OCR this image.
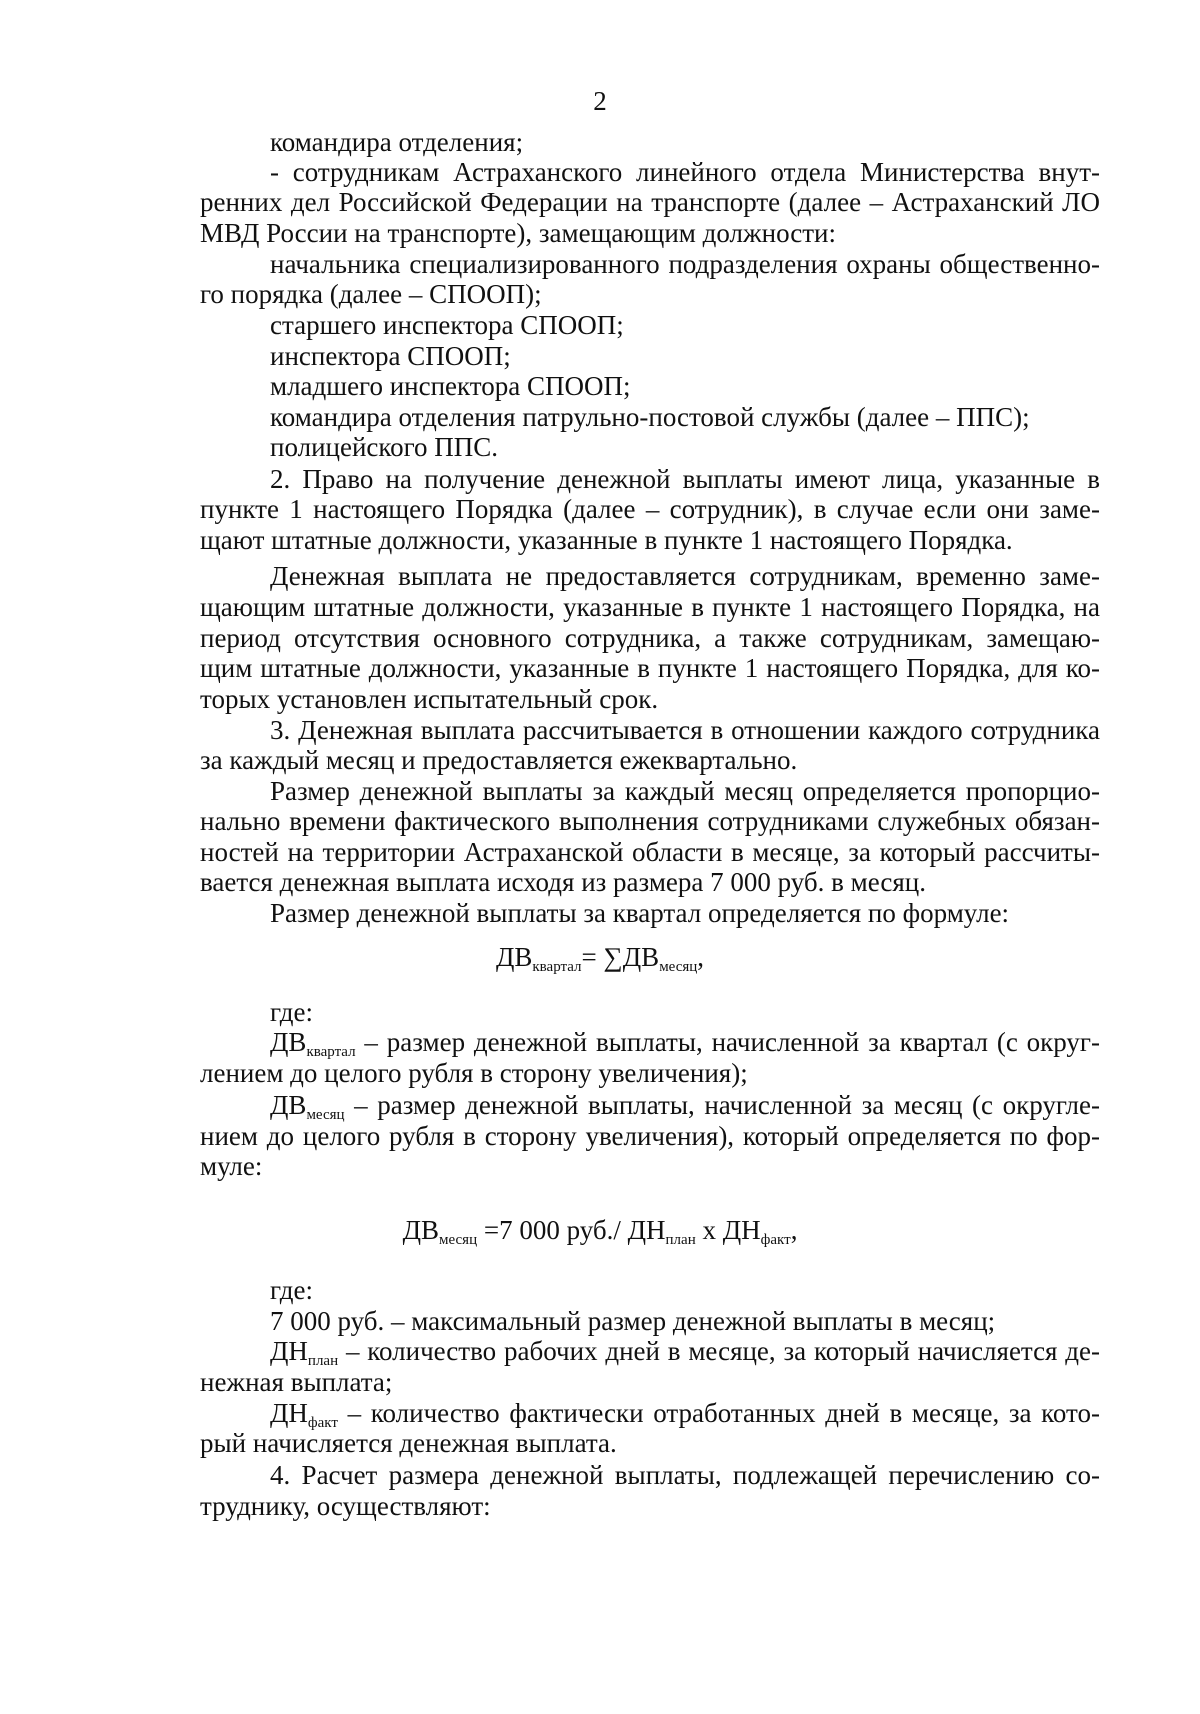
2
командира отделения;
- сотрудникам Астраханского линейного отдела Министерства внут-
ренних дел Российской Федерации на транспорте (далее – Астраханский ЛО
МВД России на транспорте), замещающим должности:
начальника специализированного подразделения охраны общественно-
го порядка (далее – СПООП);
старшего инспектора СПООП;
инспектора СПООП;
младшего инспектора СПООП;
командира отделения патрульно-постовой службы (далее – ППС);
полицейского ППС.
2. Право на получение денежной выплаты имеют лица, указанные в
пункте 1 настоящего Порядка (далее – сотрудник), в случае если они заме-
щают штатные должности, указанные в пункте 1 настоящего Порядка.
Денежная выплата не предоставляется сотрудникам, временно заме-
щающим штатные должности, указанные в пункте 1 настоящего Порядка, на
период отсутствия основного сотрудника, а также сотрудникам, замещаю-
щим штатные должности, указанные в пункте 1 настоящего Порядка, для ко-
торых установлен испытательный срок.
3. Денежная выплата рассчитывается в отношении каждого сотрудника
за каждый месяц и предоставляется ежеквартально.
Размер денежной выплаты за каждый месяц определяется пропорцио-
нально времени фактического выполнения сотрудниками служебных обязан-
ностей на территории Астраханской области в месяце, за который рассчиты-
вается денежная выплата исходя из размера 7 000 руб. в месяц.
Размер денежной выплаты за квартал определяется по формуле:
$ДВ_{квартал}= \sum ДВ_{месяц}$,
где:
$ДВ_{квартал}$ – размер денежной выплаты, начисленной за квартал (с округ-
лением до целого рубля в сторону увеличения);
$ДВ_{месяц}$ – размер денежной выплаты, начисленной за месяц (с округле-
нием до целого рубля в сторону увеличения), который определяется по фор-
муле:
$ДВ_{месяц} =7$ 000 руб./ $ДН_{план}$ х $ДН_{факт}$,
где:
7 000 руб. – максимальный размер денежной выплаты в месяц;
$ДН_{план}$ – количество рабочих дней в месяце, за который начисляется де-
нежная выплата;
$ДН_{факт}$ – количество фактически отработанных дней в месяце, за кото-
рый начисляется денежная выплата.
4. Расчет размера денежной выплаты, подлежащей перечислению со-
труднику, осуществляют:
